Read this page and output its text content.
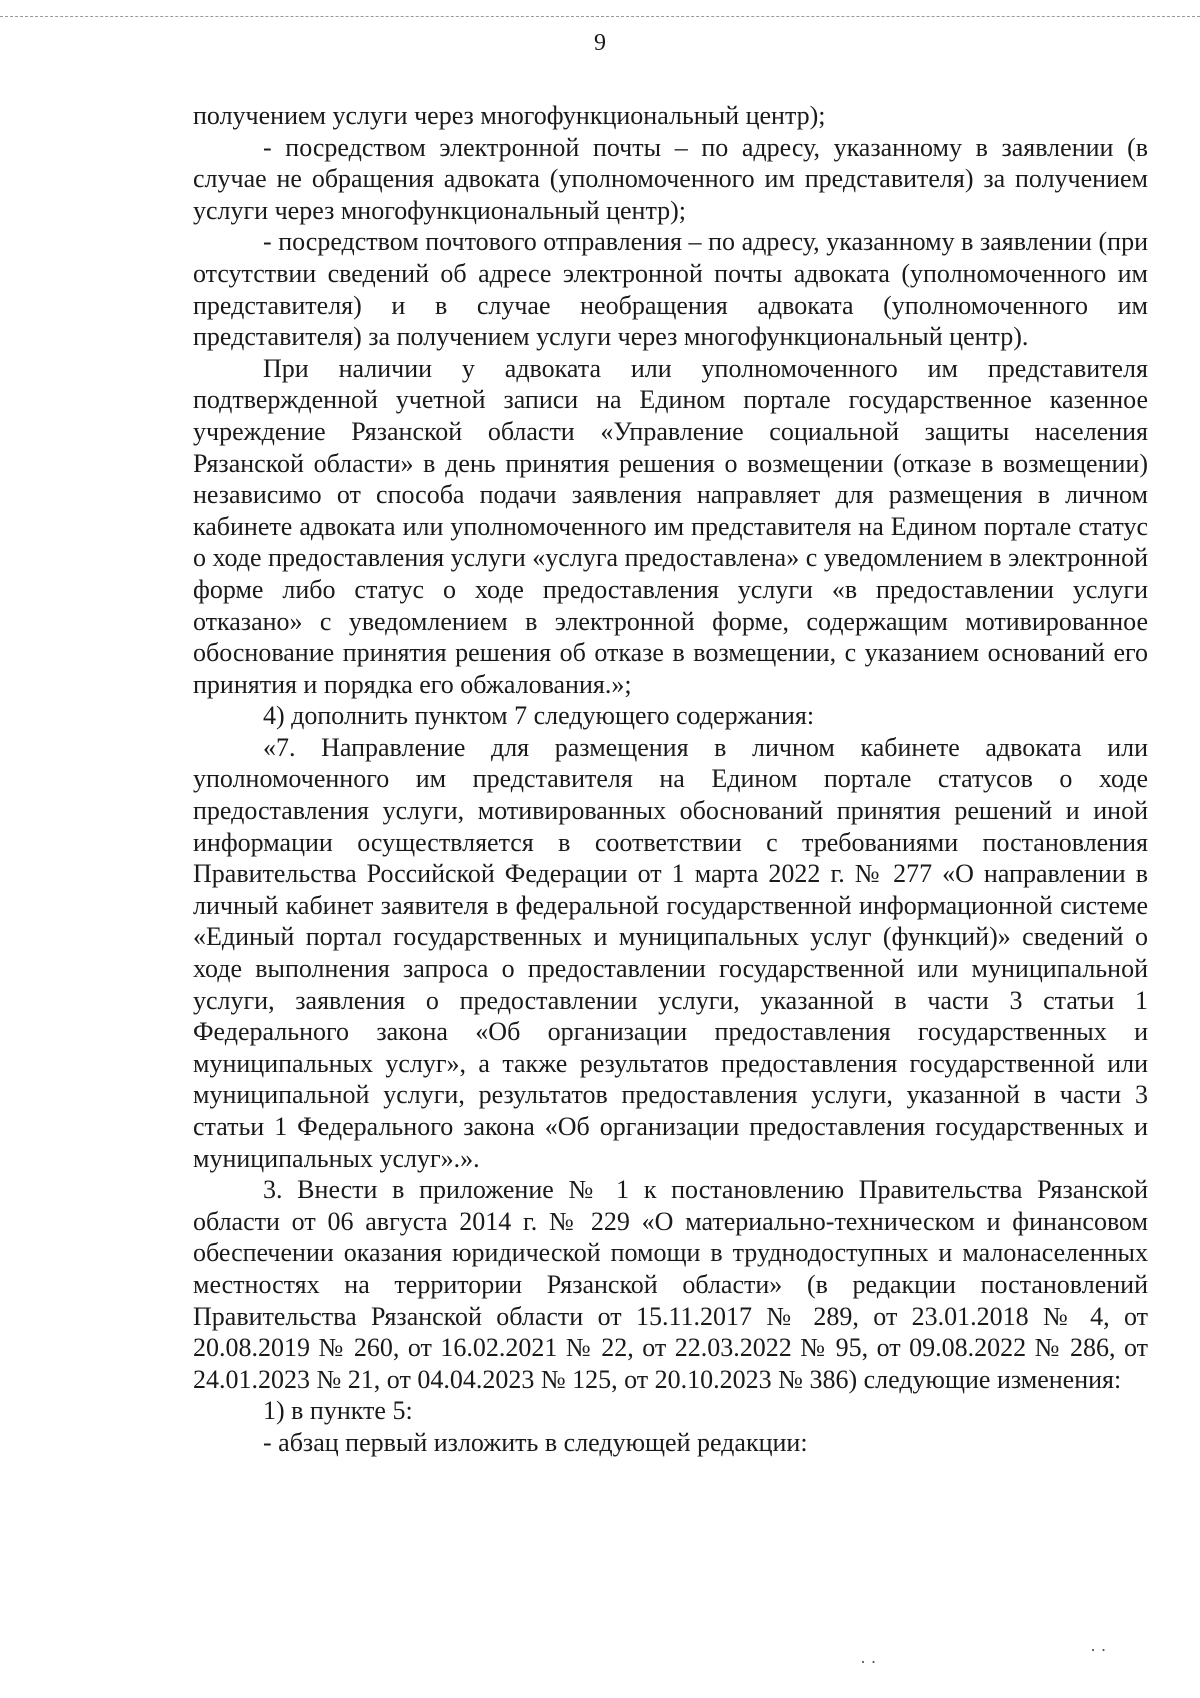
9

получением услуги через многофункциональный центр);

- посредством электронной почты – по адресу, указанному в заявлении (в случае не обращения адвоката (уполномоченного им представителя) за получением услуги через многофункциональный центр);

- посредством почтового отправления – по адресу, указанному в заявлении (при отсутствии сведений об адресе электронной почты адвоката (уполномоченного им представителя) и в случае необращения адвоката (уполномоченного им представителя) за получением услуги через многофункциональный центр).

При наличии у адвоката или уполномоченного им представителя подтвержденной учетной записи на Едином портале государственное казенное учреждение Рязанской области «Управление социальной защиты населения Рязанской области» в день принятия решения о возмещении (отказе в возмещении) независимо от способа подачи заявления направляет для размещения в личном кабинете адвоката или уполномоченного им представителя на Едином портале статус о ходе предоставления услуги «услуга предоставлена» с уведомлением в электронной форме либо статус о ходе предоставления услуги «в предоставлении услуги отказано» с уведомлением в электронной форме, содержащим мотивированное обоснование принятия решения об отказе в возмещении, с указанием оснований его принятия и порядка его обжалования.»;

4) дополнить пунктом 7 следующего содержания:

«7. Направление для размещения в личном кабинете адвоката или уполномоченного им представителя на Едином портале статусов о ходе предоставления услуги, мотивированных обоснований принятия решений и иной информации осуществляется в соответствии с требованиями постановления Правительства Российской Федерации от 1 марта 2022 г. № 277 «О направлении в личный кабинет заявителя в федеральной государственной информационной системе «Единый портал государственных и муниципальных услуг (функций)» сведений о ходе выполнения запроса о предоставлении государственной или муниципальной услуги, заявления о предоставлении услуги, указанной в части 3 статьи 1 Федерального закона «Об организации предоставления государственных и муниципальных услуг», а также результатов предоставления государственной или муниципальной услуги, результатов предоставления услуги, указанной в части 3 статьи 1 Федерального закона «Об организации предоставления государственных и муниципальных услуг».».

3. Внести в приложение № 1 к постановлению Правительства Рязанской области от 06 августа 2014 г. № 229 «О материально-техническом и финансовом обеспечении оказания юридической помощи в труднодоступных и малонаселенных местностях на территории Рязанской области» (в редакции постановлений Правительства Рязанской области от 15.11.2017 № 289, от 23.01.2018 № 4, от 20.08.2019 № 260, от 16.02.2021 № 22, от 22.03.2022 № 95, от 09.08.2022 № 286, от 24.01.2023 № 21, от 04.04.2023 № 125, от 20.10.2023 № 386) следующие изменения:

1) в пункте 5:

- абзац первый изложить в следующей редакции:

· ·
· ·
